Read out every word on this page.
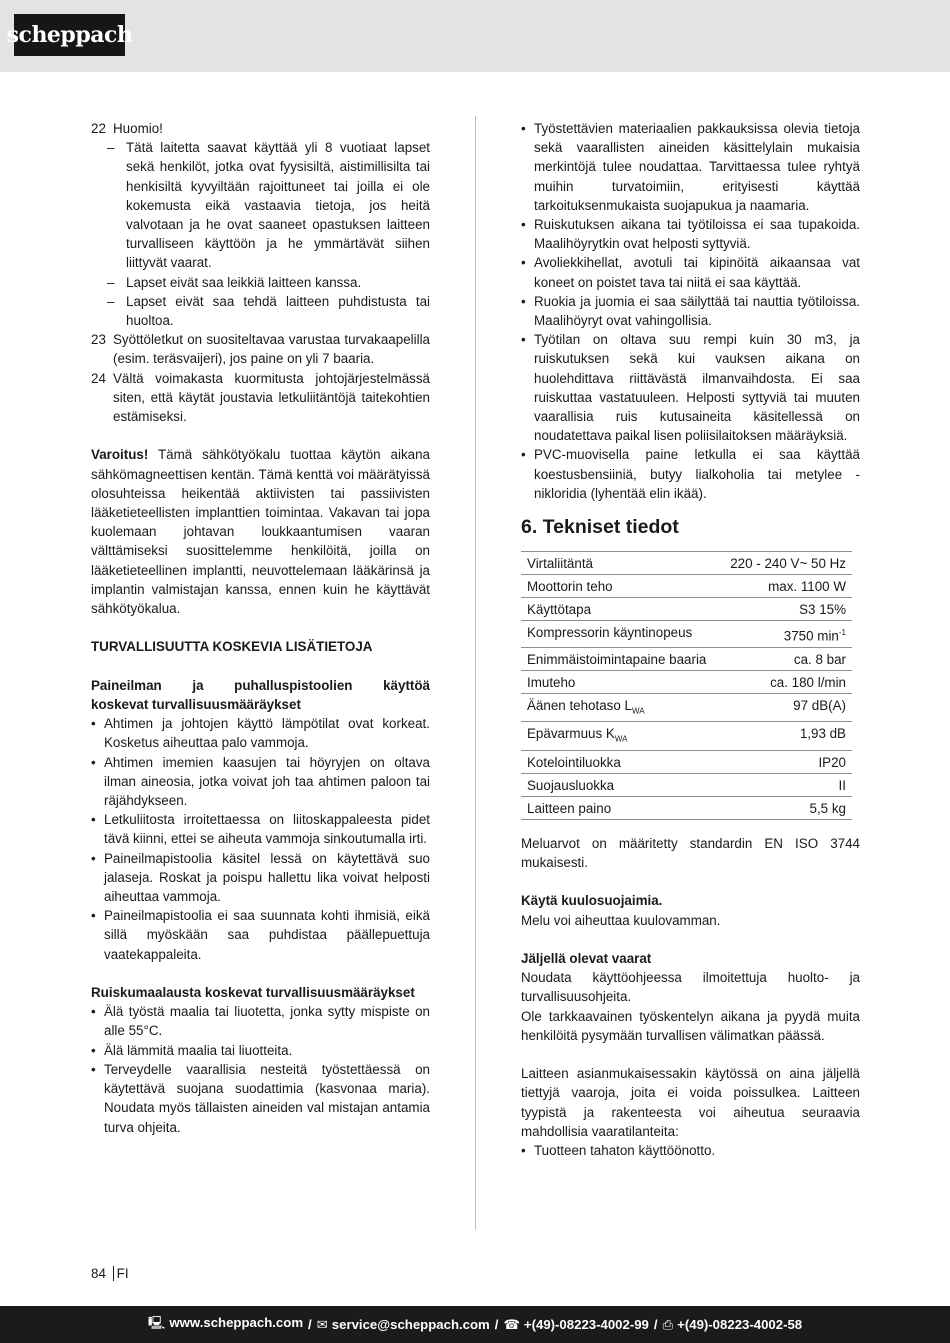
scheppach
22 Huomio!
– Tätä laitetta saavat käyttää yli 8 vuotiaat lapset sekä henkilöt, jotka ovat fyysisiltä, aistimillisilta tai henkisiltä kyvyiltään rajoittuneet tai joilla ei ole kokemusta eikä vastaavia tietoja, jos heitä valvotaan ja he ovat saaneet opastuksen laitteen turvalliseen käyttöön ja he ymmärtävät siihen liittyvät vaarat.
– Lapset eivät saa leikkiä laitteen kanssa.
– Lapset eivät saa tehdä laitteen puhdistusta tai huoltoa.
23 Syöttöletkut on suositeltavaa varustaa turvakaapelilla (esim. teräsvaijeri), jos paine on yli 7 baaria.
24 Vältä voimakasta kuormitusta johtojärjestelmässä siten, että käytät joustavia letkuliitäntöjä taitekohtien estämiseksi.

Varoitus! Tämä sähkötyökalu tuottaa käytön aikana sähkömagneettisen kentän. Tämä kenttä voi määrätyissä olosuhteissa heikentää aktiivisten tai passiivisten lääketieteellisten implanttien toimintaa. Vakavan tai jopa kuolemaan johtavan loukkaantumisen vaaran välttämiseksi suosittelemme henkilöitä, joilla on lääketieteellinen implantti, neuvottelemaan lääkärinsä ja implantin valmistajan kanssa, ennen kuin he käyttävät sähkötyökalua.

TURVALLISUUTTA KOSKEVIA LISÄTIETOJA

Paineilman ja puhalluspistoolien käyttöä

koskevat turvallisuusmääräykset

• Ahtimen ja johtojen käyttö lämpötilat ovat korkeat. Kosketus aiheuttaa palo vammoja.
• Ahtimen imemien kaasujen tai höyryjen on oltava ilman aineosia, jotka voivat joh taa ahtimen paloon tai räjähdykseen.
• Letkuliitosta irroitettaessa on liitoskappaleesta pidet tävä kiinni, ettei se aiheuta vammoja sinkoutumalla irti.
• Paineilmapistoolia käsitel lessä on käytettävä suo jalaseja. Roskat ja poispu hallettu lika voivat helposti aiheuttaa vammoja.
• Paineilmapistoolia ei saa suunnata kohti ihmisiä, eikä sillä myöskään saa puhdistaa päällepuettuja vaatekappaleita.

Ruiskumaalausta koskevat turvallisuusmääräykset

• Älä työstä maalia tai liuotetta, jonka sytty mispiste on alle 55°C.
• Älä lämmitä maalia tai liuotteita.
• Terveydelle vaarallisia nesteitä työstettäessä on käytettävä suojana suodattimia (kasvonaa maria). Noudata myös tällaisten aineiden val mistajan antamia turva ohjeita.
• Työstettävien materiaalien pakkauksissa olevia tietoja sekä vaarallisten aineiden käsittelylain mukaisia merkintöjä tulee noudattaa. Tarvittaessa tulee ryhtyä muihin turvatoimiin, erityisesti käyttää tarkoituksenmukaista suojapukua ja naamaria.
• Ruiskutuksen aikana tai työtiloissa ei saa tupakoida. Maalihöyrytkin ovat helposti syttyviä.
• Avoliekkihellat, avotuli tai kipinöitä aikaansaa vat koneet on poistet tava tai niitä ei saa käyttää.
• Ruokia ja juomia ei saa säilyttää tai nauttia työtiloissa. Maalihöyryt ovat vahingollisia.
• Työtilan on oltava suu rempi kuin 30 m3, ja ruiskutuksen sekä kui vauksen aikana on huolehdittava riittävästä ilmanvaihdosta. Ei saa ruiskuttaa vastatuuleen. Helposti syttyviä tai muuten vaarallisia ruis kutusaineita käsitellessä on noudatettava paikal lisen poliisilaitoksen määräyksiä.
• PVC-muovisella paine letkulla ei saa käyttää koestusbensiiniä, butyy lialkoholia tai metylee - nikloridia (lyhentää elin ikää).
6. Tekniset tiedot
Virtaliitäntä	220 - 240 V~ 50 Hz
Moottorin teho	max. 1100 W
Käyttötapa	S3 15%
Kompressorin käyntinopeus	3750 $\min^{-1}$
Enimmäistoimintapaine baaria	ca. 8 bar
Imuteho	ca. 180 l/min
Äänen tehotaso $L_{WA}$	97 dB(A)
Epävarmuus $K_{WA}$	1,93 dB
Kotelointiluokka	IP20
Suojausluokka	II
Laitteen paino	5,5 kg

Meluarvot on määritetty standardin EN ISO 3744 mukaisesti.

Käytä kuulosuojaimia.

Melu voi aiheuttaa kuulovamman.

Jäljellä olevat vaarat

Noudata käyttöohjeessa ilmoitettuja huolto- ja turvallisuusohjeita.

Ole tarkkaavainen työskentelyn aikana ja pyydä muita henkilöitä pysymään turvallisen välimatkan päässä.

Laitteen asianmukaisessakin käytössä on aina jäljellä tiettyjä vaaroja, joita ei voida poissulkea. Laitteen tyypistä ja rakenteesta voi aiheutua seuraavia mahdollisia vaaratilanteita:

• Tuotteen tahaton käyttöönotto.
84 FI
🖳 www.scheppach.com / ✉ service@scheppach.com / ☎ +(49)-08223-4002-99 / ⎙ +(49)-08223-4002-58
